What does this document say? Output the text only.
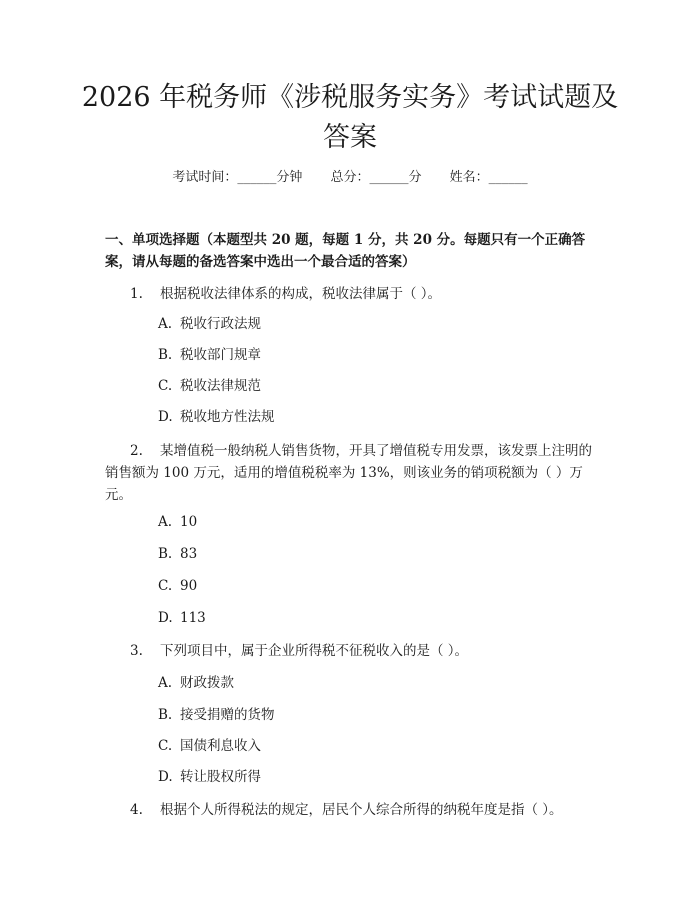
2026 年税务师《涉税服务实务》考试试题及答案
考试时间：______分钟 总分：______分 姓名：______

一、单项选择题（本题型共 20 题，每题 1 分，共 20 分。每题只有一个正确答案，请从每题的备选答案中选出一个最合适的答案）

1. 根据税收法律体系的构成，税收法律属于（ ）。

A. 税收行政法规

B. 税收部门规章

C. 税收法律规范

D. 税收地方性法规

2. 某增值税一般纳税人销售货物，开具了增值税专用发票，该发票上注明的销售额为 100 万元，适用的增值税税率为 13%，则该业务的销项税额为（ ）万元。

A. 10

B. 83

C. 90

D. 113

3. 下列项目中，属于企业所得税不征税收入的是（ ）。

A. 财政拨款

B. 接受捐赠的货物

C. 国债利息收入

D. 转让股权所得

4. 根据个人所得税法的规定，居民个人综合所得的纳税年度是指（ ）。
